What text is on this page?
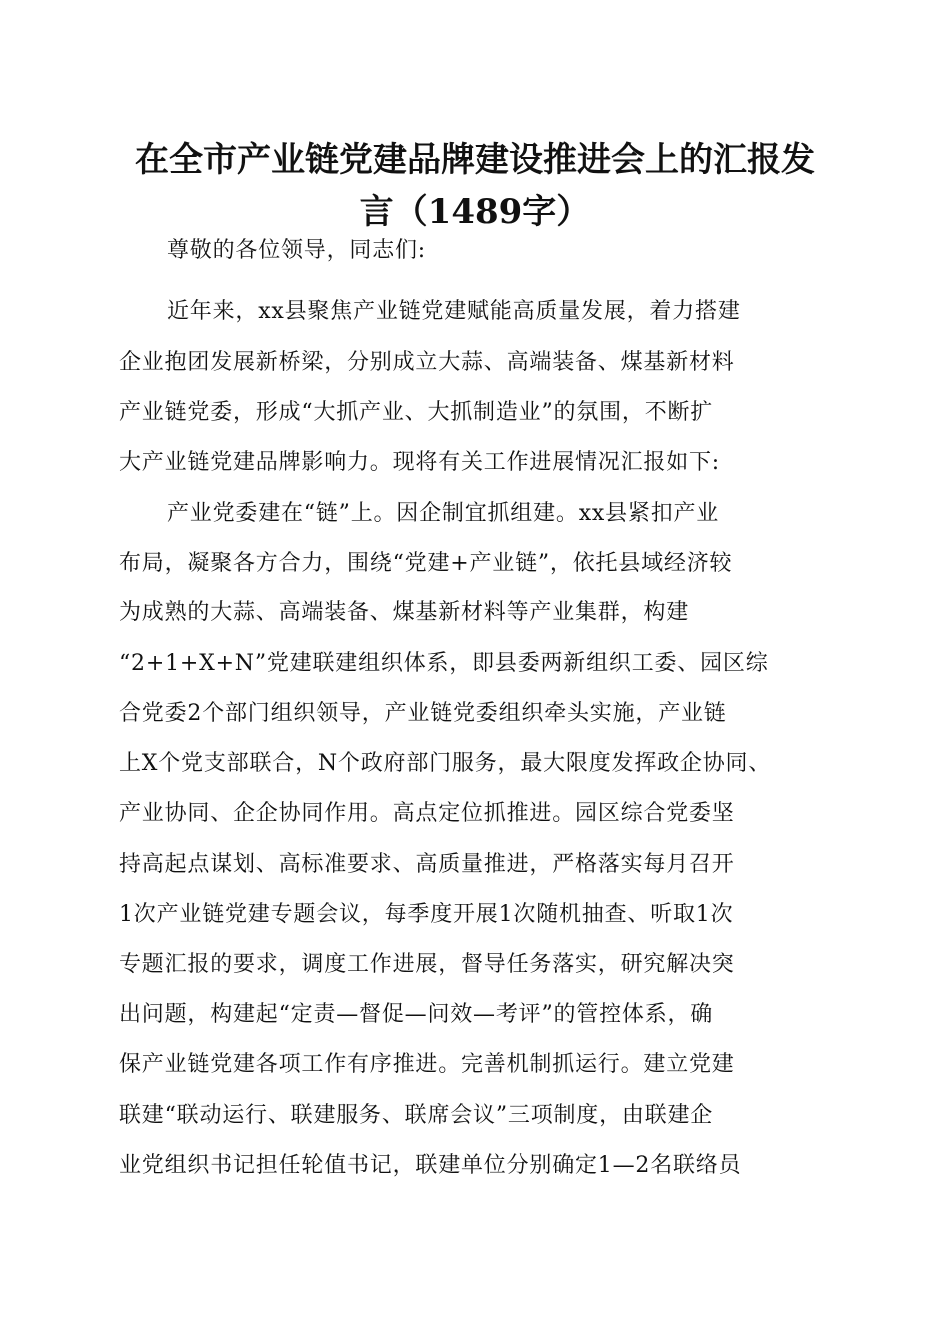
在全市产业链党建品牌建设推进会上的汇报发
言（1489字）
尊敬的各位领导，同志们:
近年来，xx县聚焦产业链党建赋能高质量发展，着力搭建
企业抱团发展新桥梁，分别成立大蒜、高端装备、煤基新材料
产业链党委，形成“大抓产业、大抓制造业”的氛围，不断扩
大产业链党建品牌影响力。现将有关工作进展情况汇报如下:
产业党委建在“链”上。因企制宜抓组建。xx县紧扣产业
布局，凝聚各方合力，围绕“党建+产业链”，依托县域经济较
为成熟的大蒜、高端装备、煤基新材料等产业集群，构建
“2+1+X+N”党建联建组织体系，即县委两新组织工委、园区综
合党委2个部门组织领导，产业链党委组织牵头实施，产业链
上X个党支部联合，N个政府部门服务，最大限度发挥政企协同、
产业协同、企企协同作用。高点定位抓推进。园区综合党委坚
持高起点谋划、高标准要求、高质量推进，严格落实每月召开
1次产业链党建专题会议，每季度开展1次随机抽查、听取1次
专题汇报的要求，调度工作进展，督导任务落实，研究解决突
出问题，构建起“定责—督促—问效—考评”的管控体系，确
保产业链党建各项工作有序推进。完善机制抓运行。建立党建
联建“联动运行、联建服务、联席会议”三项制度，由联建企
业党组织书记担任轮值书记，联建单位分别确定1—2名联络员
